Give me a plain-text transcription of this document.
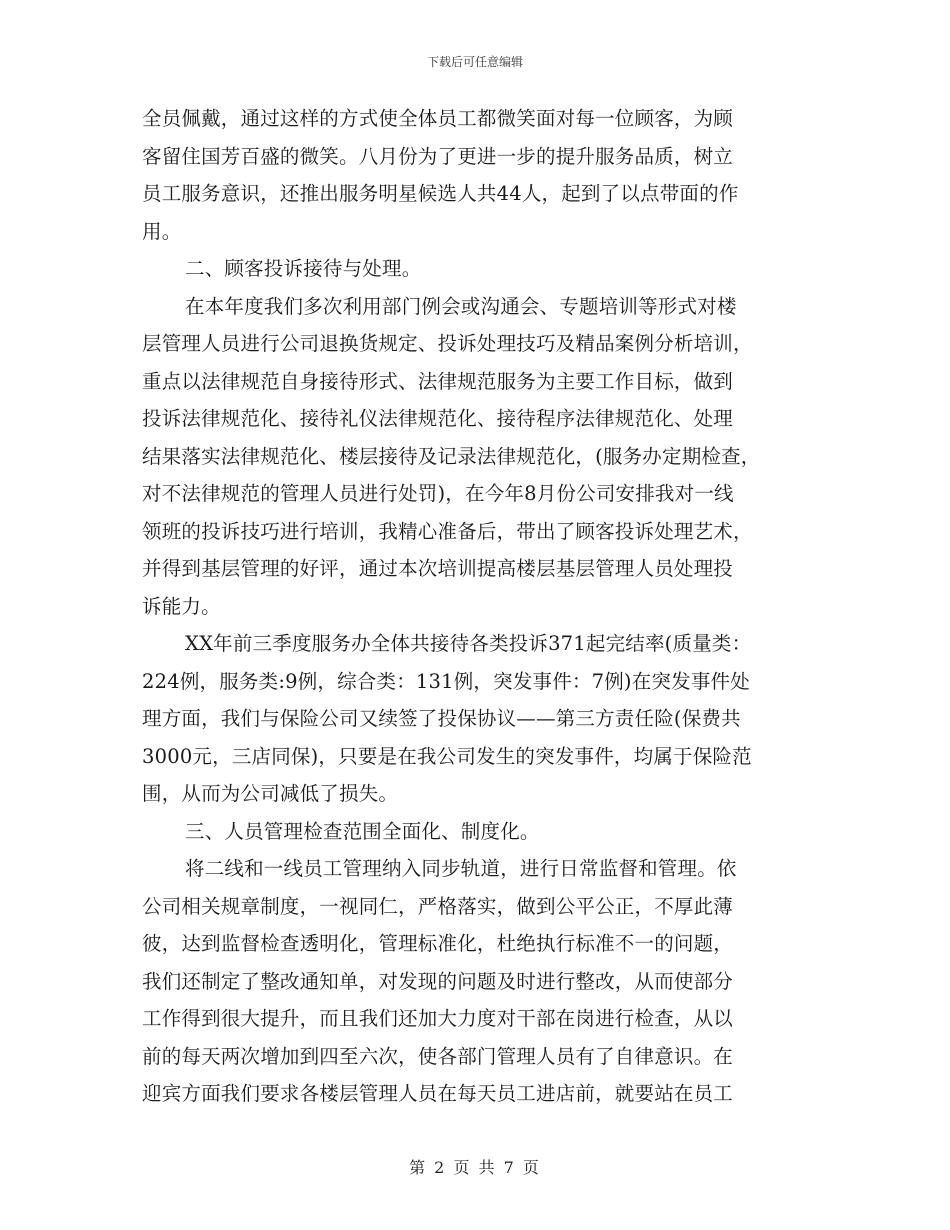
下载后可任意编辑
全员佩戴，通过这样的方式使全体员工都微笑面对每一位顾客，为顾
客留住国芳百盛的微笑。八月份为了更进一步的提升服务品质，树立
员工服务意识，还推出服务明星候选人共44人，起到了以点带面的作
用。
二、顾客投诉接待与处理。
在本年度我们多次利用部门例会或沟通会、专题培训等形式对楼
层管理人员进行公司退换货规定、投诉处理技巧及精品案例分析培训，
重点以法律规范自身接待形式、法律规范服务为主要工作目标，做到
投诉法律规范化、接待礼仪法律规范化、接待程序法律规范化、处理
结果落实法律规范化、楼层接待及记录法律规范化，(服务办定期检查，
对不法律规范的管理人员进行处罚)，在今年8月份公司安排我对一线
领班的投诉技巧进行培训，我精心准备后，带出了顾客投诉处理艺术，
并得到基层管理的好评，通过本次培训提高楼层基层管理人员处理投
诉能力。
XX年前三季度服务办全体共接待各类投诉371起完结率(质量类：
224例，服务类:9例，综合类：131例，突发事件：7例)在突发事件处
理方面，我们与保险公司又续签了投保协议——第三方责任险(保费共
3000元，三店同保)，只要是在我公司发生的突发事件，均属于保险范
围，从而为公司减低了损失。
三、人员管理检查范围全面化、制度化。
将二线和一线员工管理纳入同步轨道，进行日常监督和管理。依
公司相关规章制度，一视同仁，严格落实，做到公平公正，不厚此薄
彼，达到监督检查透明化，管理标准化，杜绝执行标准不一的问题，
我们还制定了整改通知单，对发现的问题及时进行整改，从而使部分
工作得到很大提升，而且我们还加大力度对干部在岗进行检查，从以
前的每天两次增加到四至六次，使各部门管理人员有了自律意识。在
迎宾方面我们要求各楼层管理人员在每天员工进店前，就要站在员工
第 2 页 共 7 页
